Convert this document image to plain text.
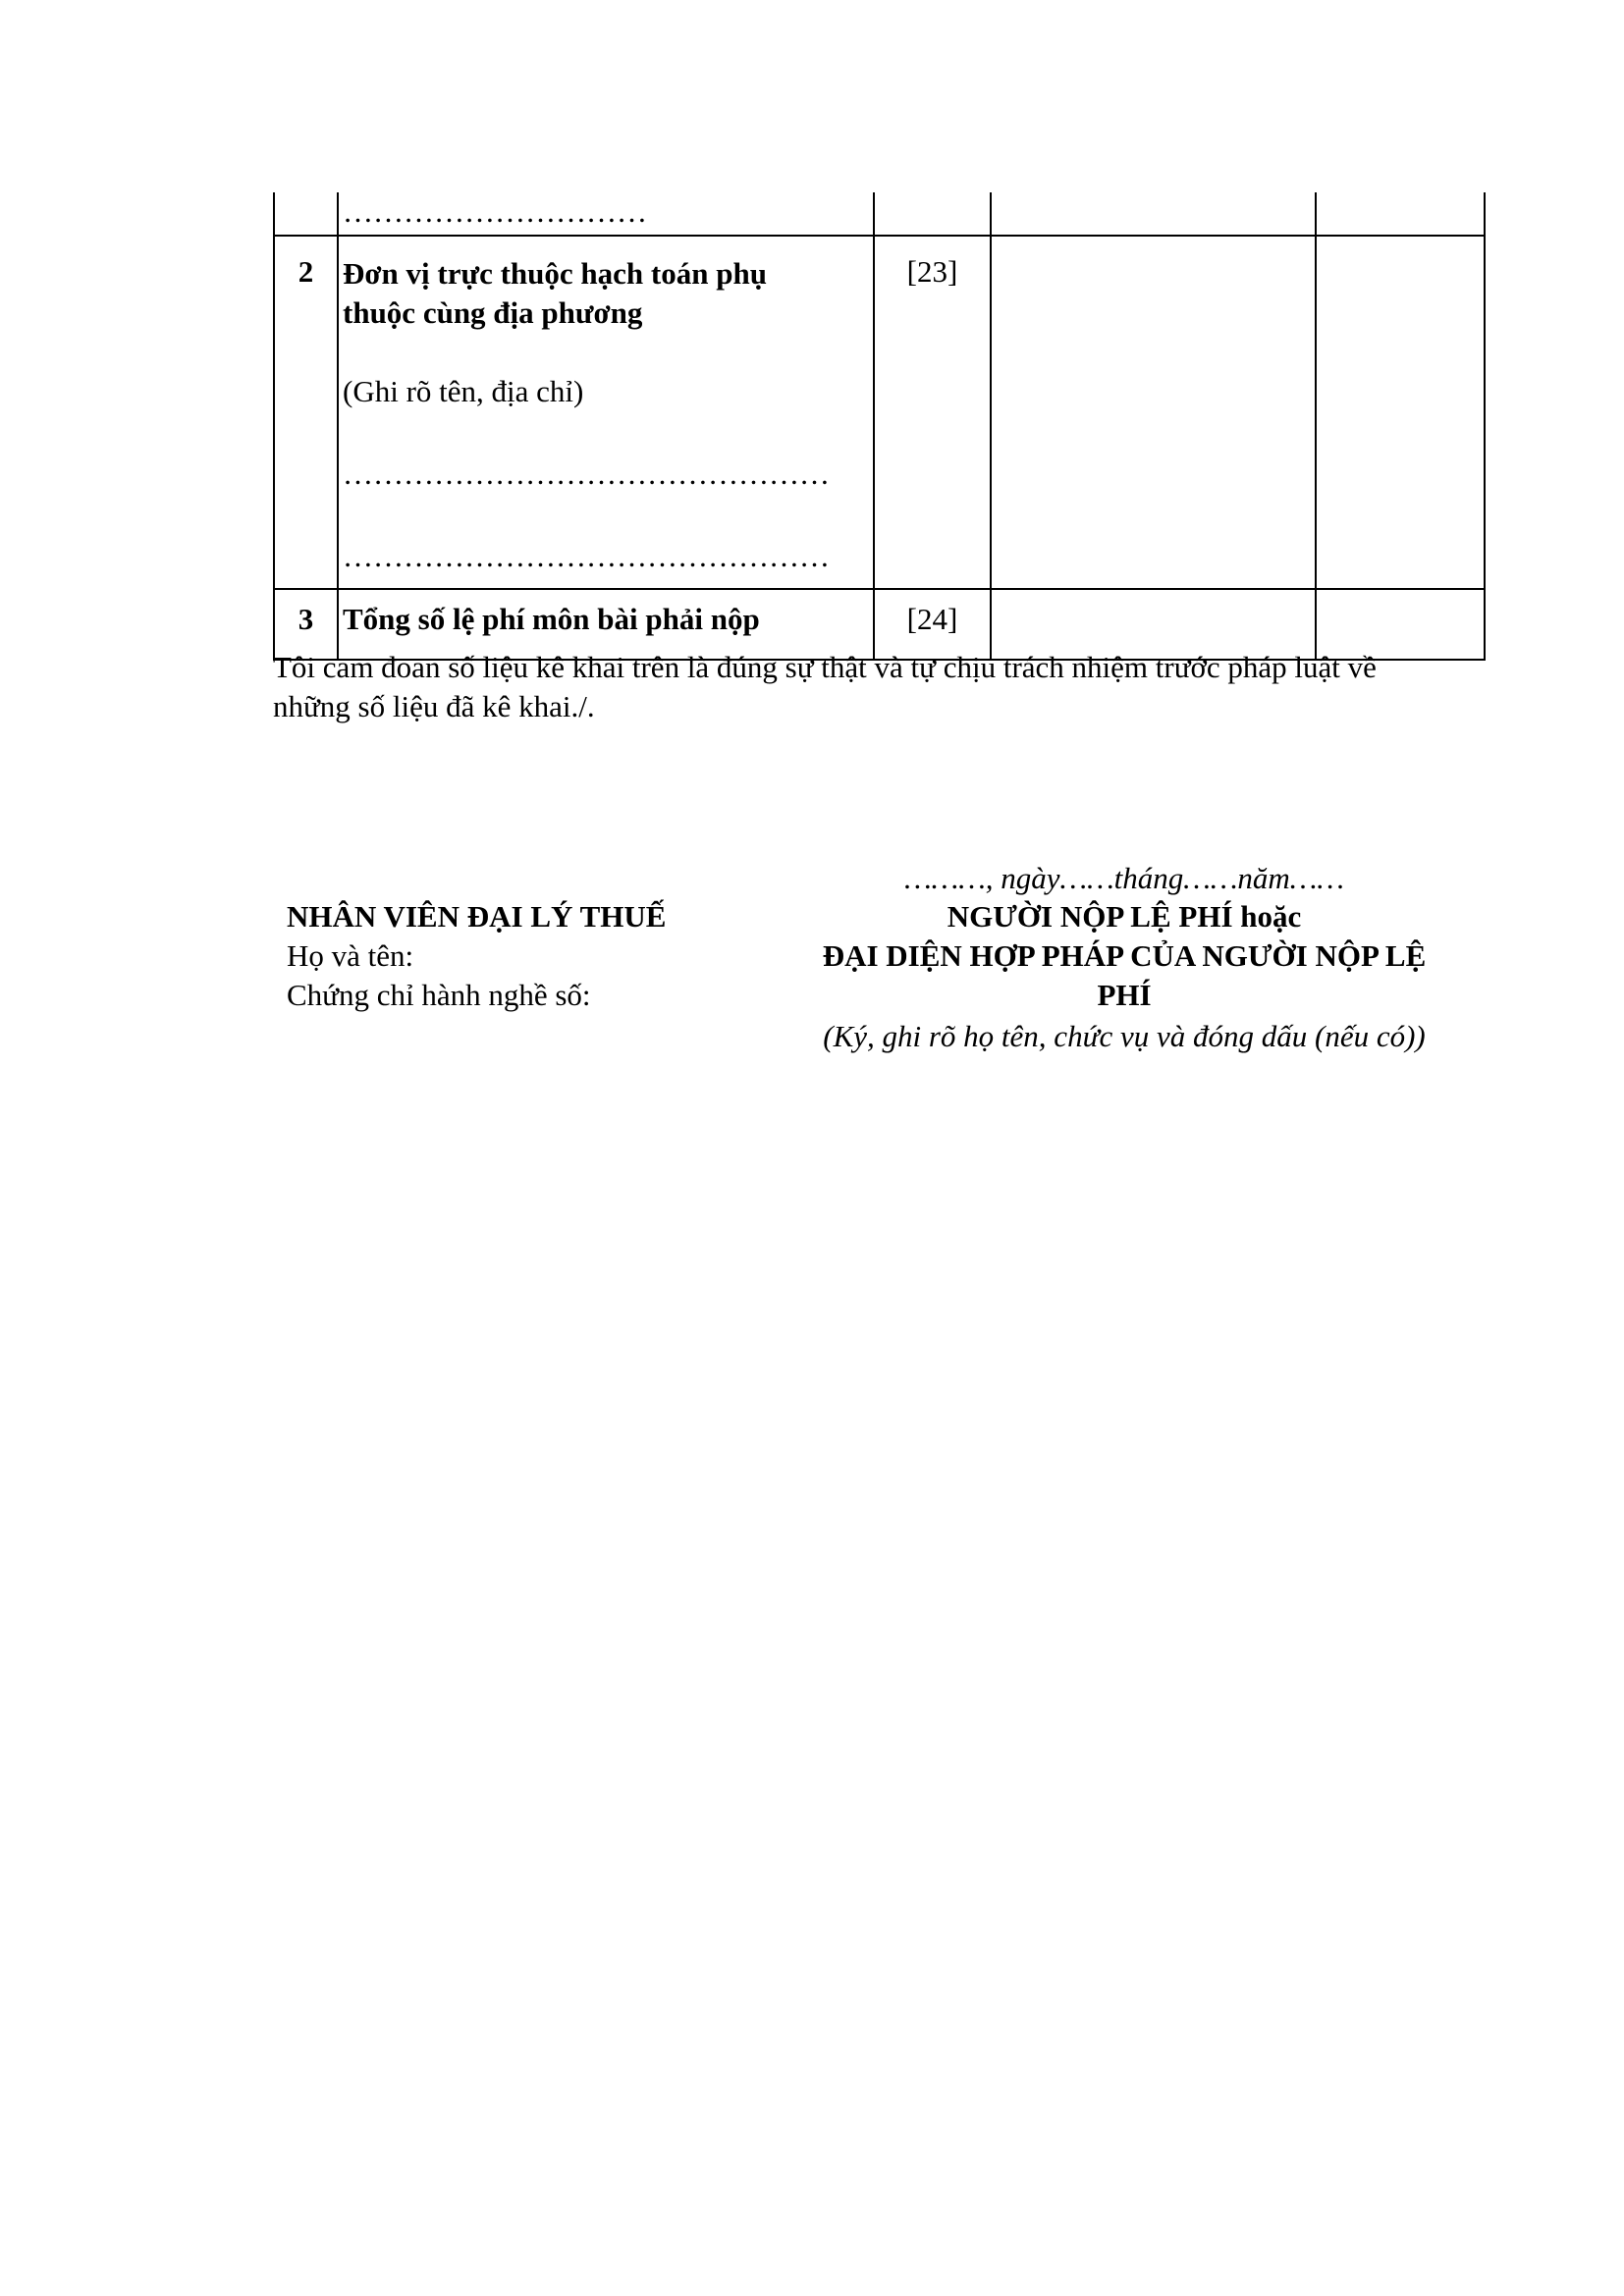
	…………………………			

2	Đơn vị trực thuộc hạch toán phụ
thuộc cùng địa phương
(Ghi rõ tên, địa chỉ)
…………………………………………
…………………………………………	[23]		
3	Tổng số lệ phí môn bài phải nộp	[24]		
Tôi cam đoan số liệu kê khai trên là đúng sự thật và tự chịu trách nhiệm trước pháp luật về
những số liệu đã kê khai./.
………, ngày……tháng……năm……
NHÂN VIÊN ĐẠI LÝ THUẾ
Họ và tên:
Chứng chỉ hành nghề số:
NGƯỜI NỘP LỆ PHÍ hoặc
ĐẠI DIỆN HỢP PHÁP CỦA NGƯỜI NỘP LỆ
PHÍ
(Ký, ghi rõ họ tên, chức vụ và đóng dấu (nếu có))
